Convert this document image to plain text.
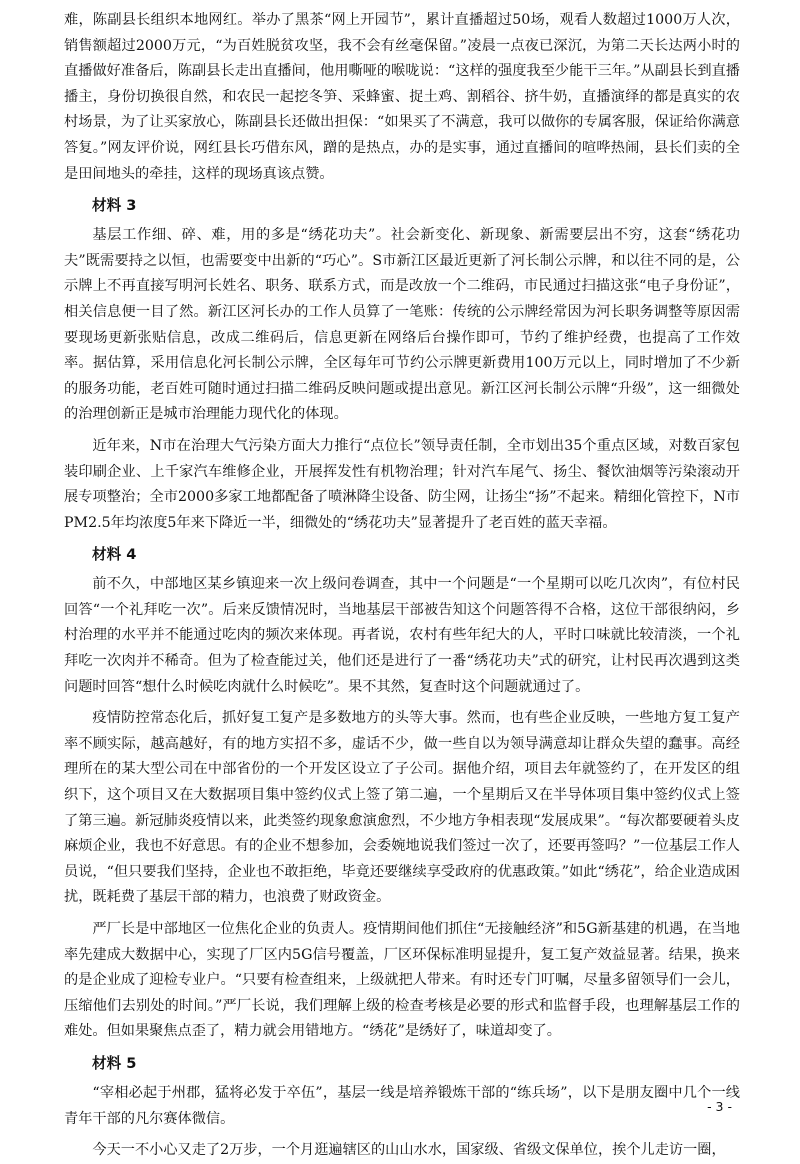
难，陈副县长组织本地网红。举办了黑茶“网上开园节”，累计直播超过50场，观看人数超过1000万人次，销售额超过2000万元，“为百姓脱贫攻坚，我不会有丝毫保留。”凌晨一点夜已深沉，为第二天长达两小时的直播做好准备后，陈副县长走出直播间，他用嘶哑的喉咙说：“这样的强度我至少能干三年。”从副县长到直播播主，身份切换很自然，和农民一起挖冬笋、采蜂蜜、捉土鸡、割稻谷、挤牛奶，直播演绎的都是真实的农村场景，为了让买家放心，陈副县长还做出担保：“如果买了不满意，我可以做你的专属客服，保证给你满意答复。”网友评价说，网红县长巧借东风，蹭的是热点，办的是实事，通过直播间的喧哗热闹，县长们卖的全是田间地头的牵挂，这样的现场真该点赞。

材料 3

基层工作细、碎、难，用的多是“绣花功夫”。社会新变化、新现象、新需要层出不穷，这套“绣花功夫”既需要持之以恒，也需要变中出新的“巧心”。S市新江区最近更新了河长制公示牌，和以往不同的是，公示牌上不再直接写明河长姓名、职务、联系方式，而是改放一个二维码，市民通过扫描这张“电子身份证”，相关信息便一目了然。新江区河长办的工作人员算了一笔账：传统的公示牌经常因为河长职务调整等原因需要现场更新张贴信息，改成二维码后，信息更新在网络后台操作即可，节约了维护经费，也提高了工作效率。据估算，采用信息化河长制公示牌，全区每年可节约公示牌更新费用100万元以上，同时增加了不少新的服务功能，老百姓可随时通过扫描二维码反映问题或提出意见。新江区河长制公示牌“升级”，这一细微处的治理创新正是城市治理能力现代化的体现。

近年来，N市在治理大气污染方面大力推行“点位长”领导责任制，全市划出35个重点区域，对数百家包装印刷企业、上千家汽车维修企业，开展挥发性有机物治理；针对汽车尾气、扬尘、餐饮油烟等污染滚动开展专项整治；全市2000多家工地都配备了喷淋降尘设备、防尘网，让扬尘“扬”不起来。精细化管控下，N市PM2.5年均浓度5年来下降近一半，细微处的“绣花功夫”显著提升了老百姓的蓝天幸福。

材料 4

前不久，中部地区某乡镇迎来一次上级问卷调查，其中一个问题是“一个星期可以吃几次肉”，有位村民回答“一个礼拜吃一次”。后来反馈情况时，当地基层干部被告知这个问题答得不合格，这位干部很纳闷，乡村治理的水平并不能通过吃肉的频次来体现。再者说，农村有些年纪大的人，平时口味就比较清淡，一个礼拜吃一次肉并不稀奇。但为了检查能过关，他们还是进行了一番“绣花功夫”式的研究，让村民再次遇到这类问题时回答“想什么时候吃肉就什么时候吃”。果不其然，复查时这个问题就通过了。

疫情防控常态化后，抓好复工复产是多数地方的头等大事。然而，也有些企业反映，一些地方复工复产率不顾实际，越高越好，有的地方实招不多，虚话不少，做一些自以为领导满意却让群众失望的蠢事。高经理所在的某大型公司在中部省份的一个开发区设立了子公司。据他介绍，项目去年就签约了，在开发区的组织下，这个项目又在大数据项目集中签约仪式上签了第二遍，一个星期后又在半导体项目集中签约仪式上签了第三遍。新冠肺炎疫情以来，此类签约现象愈演愈烈，不少地方争相表现“发展成果”。“每次都要硬着头皮麻烦企业，我也不好意思。有的企业不想参加，会委婉地说我们签过一次了，还要再签吗？”一位基层工作人员说，“但只要我们坚持，企业也不敢拒绝，毕竟还要继续享受政府的优惠政策。”如此“绣花”，给企业造成困扰，既耗费了基层干部的精力，也浪费了财政资金。

严厂长是中部地区一位焦化企业的负责人。疫情期间他们抓住“无接触经济”和5G新基建的机遇，在当地率先建成大数据中心，实现了厂区内5G信号覆盖，厂区环保标准明显提升，复工复产效益显著。结果，换来的是企业成了迎检专业户。“只要有检查组来，上级就把人带来。有时还专门叮嘱，尽量多留领导们一会儿，压缩他们去别处的时间。”严厂长说，我们理解上级的检查考核是必要的形式和监督手段，也理解基层工作的难处。但如果聚焦点歪了，精力就会用错地方。“绣花”是绣好了，味道却变了。

材料 5

“宰相必起于州郡，猛将必发于卒伍”，基层一线是培养锻炼干部的“练兵场”，以下是朋友圈中几个一线青年干部的凡尔赛体微信。

今天一不小心又走了2万步，一个月逛遍辖区的山山水水，国家级、省级文保单位，挨个儿走访一圈，

- 3 -
